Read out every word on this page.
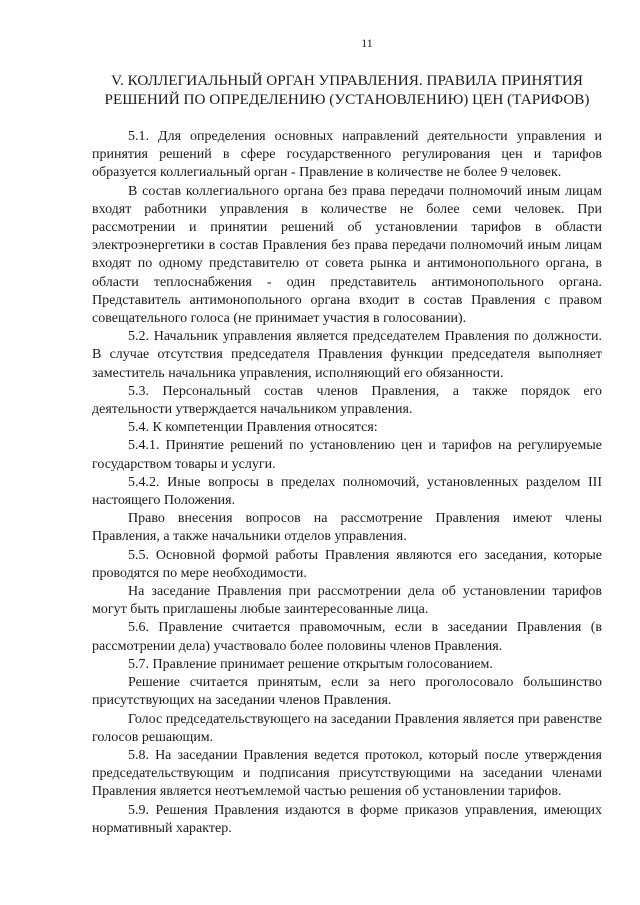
11
V. КОЛЛЕГИАЛЬНЫЙ ОРГАН УПРАВЛЕНИЯ. ПРАВИЛА ПРИНЯТИЯ
РЕШЕНИЙ ПО ОПРЕДЕЛЕНИЮ (УСТАНОВЛЕНИЮ) ЦЕН (ТАРИФОВ)

5.1. Для определения основных направлений деятельности управления и принятия решений в сфере государственного регулирования цен и тарифов образуется коллегиальный орган - Правление в количестве не более 9 человек.

В состав коллегиального органа без права передачи полномочий иным лицам входят работники управления в количестве не более семи человек. При рассмотрении и принятии решений об установлении тарифов в области электроэнергетики в состав Правления без права передачи полномочий иным лицам входят по одному представителю от совета рынка и антимонопольного органа, в области теплоснабжения - один представитель антимонопольного органа. Представитель антимонопольного органа входит в состав Правления с правом совещательного голоса (не принимает участия в голосовании).

5.2. Начальник управления является председателем Правления по должности. В случае отсутствия председателя Правления функции председателя выполняет заместитель начальника управления, исполняющий его обязанности.

5.3. Персональный состав членов Правления, а также порядок его деятельности утверждается начальником управления.

5.4. К компетенции Правления относятся:

5.4.1. Принятие решений по установлению цен и тарифов на регулируемые государством товары и услуги.

5.4.2. Иные вопросы в пределах полномочий, установленных разделом III настоящего Положения.

Право внесения вопросов на рассмотрение Правления имеют члены Правления, а также начальники отделов управления.

5.5. Основной формой работы Правления являются его заседания, которые проводятся по мере необходимости.

На заседание Правления при рассмотрении дела об установлении тарифов могут быть приглашены любые заинтересованные лица.

5.6. Правление считается правомочным, если в заседании Правления (в рассмотрении дела) участвовало более половины членов Правления.

5.7. Правление принимает решение открытым голосованием.

Решение считается принятым, если за него проголосовало большинство присутствующих на заседании членов Правления.

Голос председательствующего на заседании Правления является при равенстве голосов решающим.

5.8. На заседании Правления ведется протокол, который после утверждения председательствующим и подписания присутствующими на заседании членами Правления является неотъемлемой частью решения об установлении тарифов.

5.9. Решения Правления издаются в форме приказов управления, имеющих нормативный характер.
